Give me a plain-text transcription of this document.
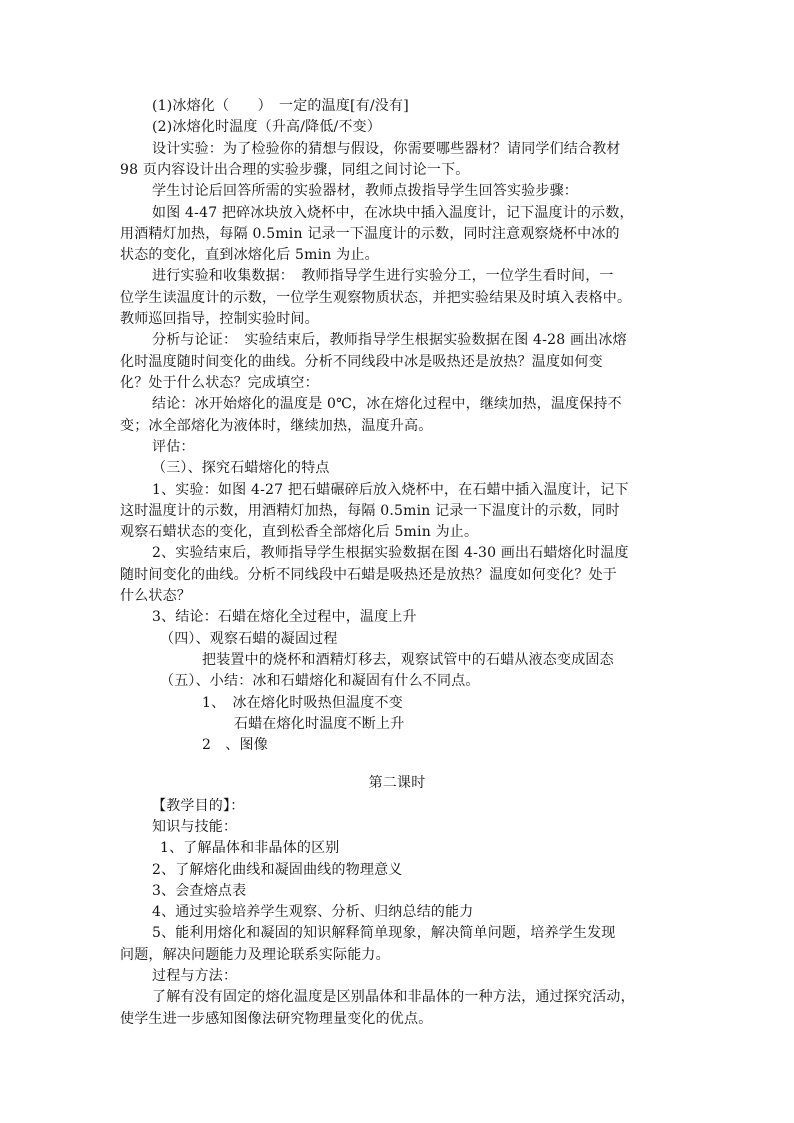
(1)冰熔化（　　）　一定的温度[有/没有]
(2)冰熔化时温度（升高/降低/不变）
设计实验：为了检验你的猜想与假设，你需要哪些器材？请同学们结合教材
98 页内容设计出合理的实验步骤，同组之间讨论一下。
学生讨论后回答所需的实验器材，教师点拨指导学生回答实验步骤：
如图 4-47 把碎冰块放入烧杯中，在冰块中插入温度计，记下温度计的示数，
用酒精灯加热，每隔 0.5min 记录一下温度计的示数，同时注意观察烧杯中冰的
状态的变化，直到冰熔化后 5min 为止。
进行实验和收集数据：　教师指导学生进行实验分工，一位学生看时间，一
位学生读温度计的示数，一位学生观察物质状态，并把实验结果及时填入表格中。
教师巡回指导，控制实验时间。
分析与论证：　实验结束后，教师指导学生根据实验数据在图 4-28 画出冰熔
化时温度随时间变化的曲线。分析不同线段中冰是吸热还是放热？温度如何变
化？处于什么状态？完成填空：
结论：冰开始熔化的温度是 0℃，冰在熔化过程中，继续加热，温度保持不
变；冰全部熔化为液体时，继续加热，温度升高。
评估：
（三）、探究石蜡熔化的特点
1、实验：如图 4-27 把石蜡碾碎后放入烧杯中，在石蜡中插入温度计，记下
这时温度计的示数，用酒精灯加热，每隔 0.5min 记录一下温度计的示数，同时
观察石蜡状态的变化，直到松香全部熔化后 5min 为止。
2、实验结束后，教师指导学生根据实验数据在图 4-30 画出石蜡熔化时温度
随时间变化的曲线。分析不同线段中石蜡是吸热还是放热？温度如何变化？处于
什么状态？
3、结论：石蜡在熔化全过程中，温度上升
（四）、观察石蜡的凝固过程
把装置中的烧杯和酒精灯移去，观察试管中的石蜡从液态变成固态
（五）、小结：冰和石蜡熔化和凝固有什么不同点。
1、　冰在熔化时吸热但温度不变
石蜡在熔化时温度不断上升
2　、图像
第二课时
【教学目的】：
知识与技能：
1、了解晶体和非晶体的区别
2、了解熔化曲线和凝固曲线的物理意义
3、会查熔点表
4、通过实验培养学生观察、分析、归纳总结的能力
5、能利用熔化和凝固的知识解释简单现象，解决简单问题，培养学生发现
问题，解决问题能力及理论联系实际能力。
过程与方法：
了解有没有固定的熔化温度是区别晶体和非晶体的一种方法，通过探究活动，
使学生进一步感知图像法研究物理量变化的优点。
